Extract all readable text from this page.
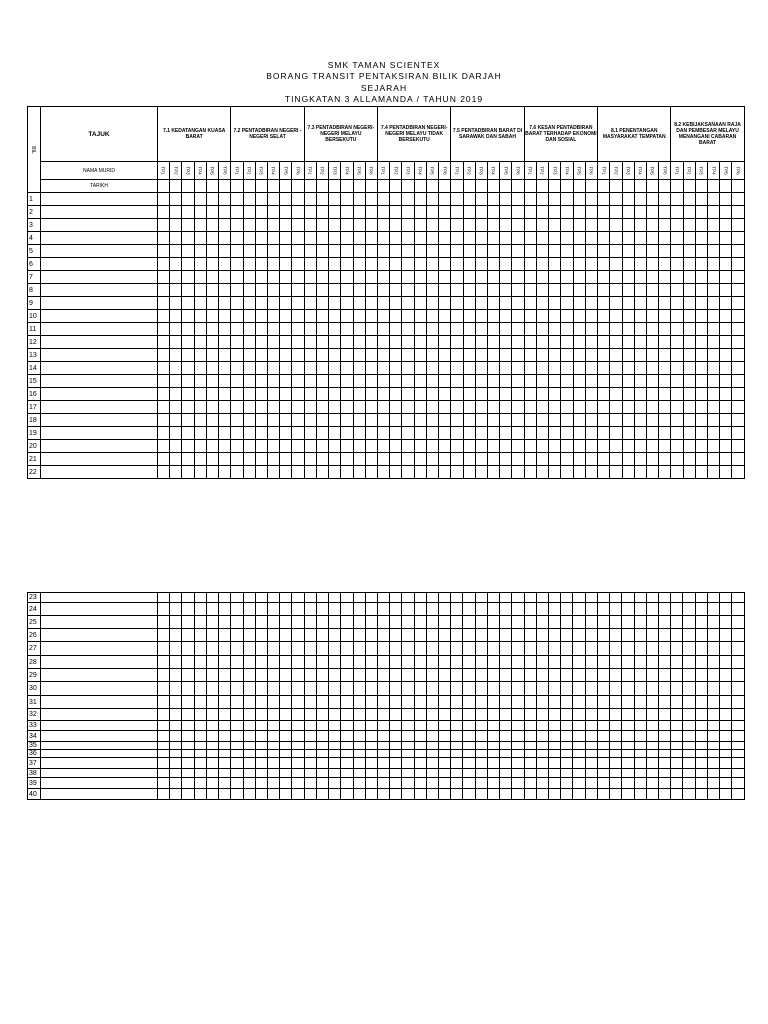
SMK TAMAN SCIENTEX
BORANG TRANSIT PENTAKSIRAN BILIK DARJAH
SEJARAH
TINGKATAN 3 ALLAMANDA / TAHUN 2019
BIL	TAJUK	7.1 KEDATANGAN KUASA BARAT						7.2 PENTADBIRAN NEGERI - NEGERI SELAT						7.3 PENTADBIRAN NEGERI-NEGERI MELAYU BERSEKUTU						7.4 PENTADBIRAN NEGERI-NEGERI MELAYU TIDAK BERSEKUTU						7.5 PENTADBIRAN BARAT DI SARAWAK DAN SABAH						7.6 KESAN PENTADBIRAN BARAT TERHADAP EKONOMI DAN SOSIAL						8.1 PENENTANGAN MASYARAKAT TEMPATAN						8.2 KEBIJAKSANAAN RAJA DAN PEMBESAR MELAYU MENANGANI CABARAN BARAT					
	NAMA MURID	TP1	TP2	TP3	TP4	TP5	TP6	TP1	TP2	TP3	TP4	TP5	TP6	TP1	TP2	TP3	TP4	TP5	TP6	TP1	TP2	TP3	TP4	TP5	TP6	TP1	TP2	TP3	TP4	TP5	TP6	TP1	TP2	TP3	TP4	TP5	TP6	TP1	TP2	TP3	TP4	TP5	TP6	TP1	TP2	TP3	TP4	TP5	TP6
	TARIKH																																																
1																																																	
2																																																	
3																																																	
4																																																	
5																																																	
6																																																	
7																																																	
8																																																	
9																																																	
10																																																	
11																																																	
12																																																	
13																																																	
14																																																	
15																																																	
16																																																	
17																																																	
18																																																	
19																																																	
20																																																	
21																																																	
22																																																	
23																																																	
24																																																	
25																																																	
26																																																	
27																																																	
28																																																	
29																																																	
30																																																	
31																																																	
32																																																	
33																																																	
34																																																	
35																																																	
36																																																	
37																																																	
38																																																	
39																																																	
40																																																	
